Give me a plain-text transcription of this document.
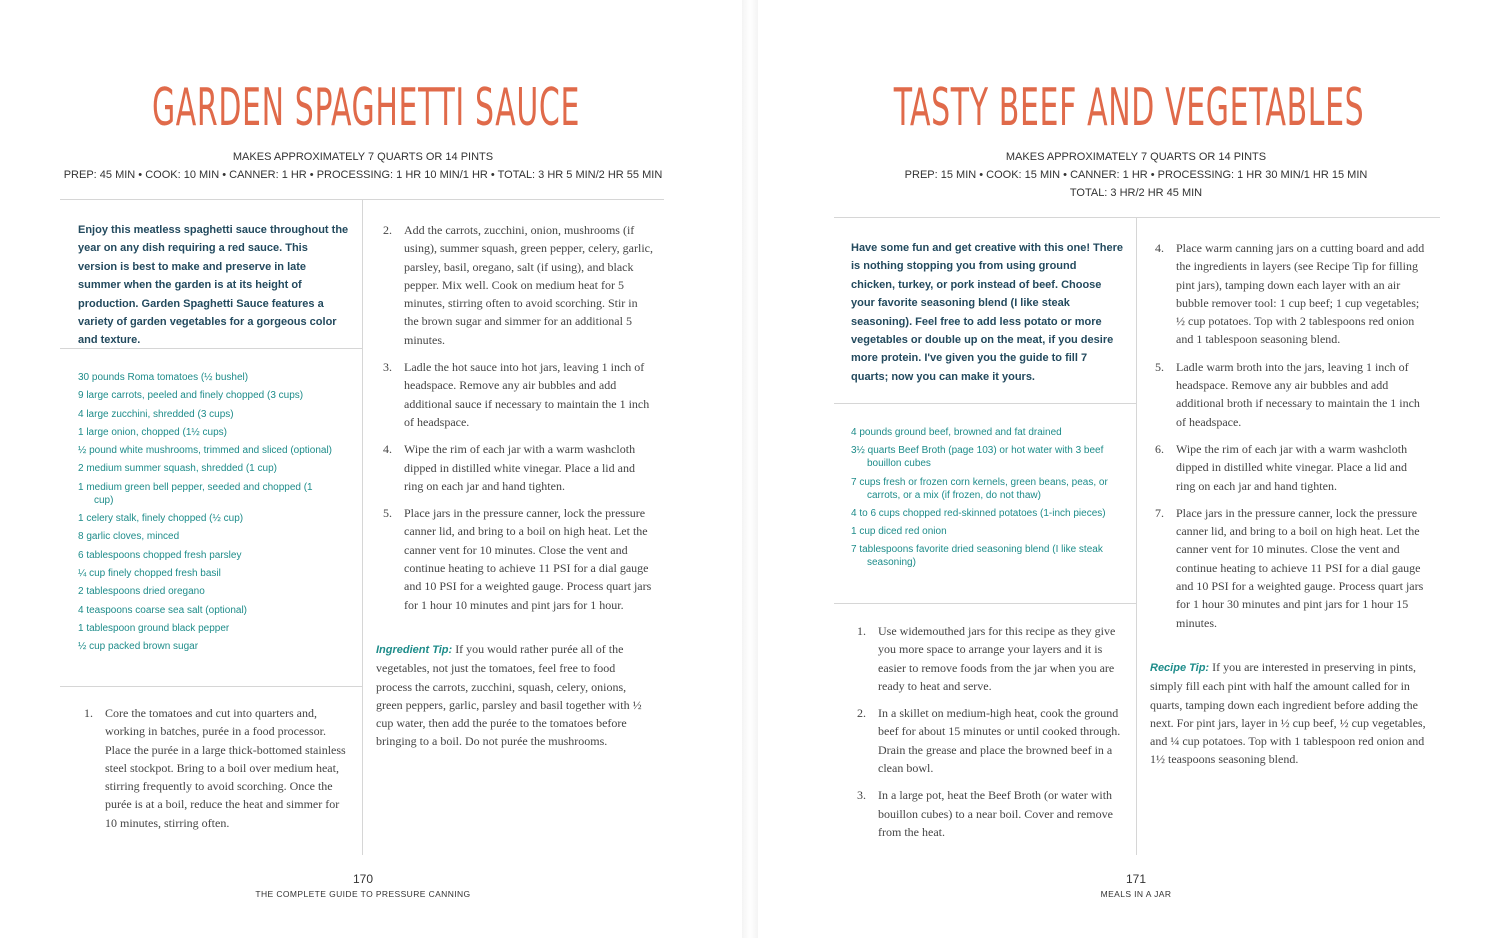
GARDEN SPAGHETTI SAUCE

MAKES APPROXIMATELY 7 QUARTS OR 14 PINTS

PREP: 45 MIN • COOK: 10 MIN • CANNER: 1 HR • PROCESSING: 1 HR 10 MIN/1 HR • TOTAL: 3 HR 5 MIN/2 HR 55 MIN

Enjoy this meatless spaghetti sauce throughout the year on any dish requiring a red sauce. This version is best to make and preserve in late summer when the garden is at its height of production. Garden Spaghetti Sauce features a variety of garden vegetables for a gorgeous color and texture.

30 pounds Roma tomatoes (½ bushel)
9 large carrots, peeled and finely chopped (3 cups)
4 large zucchini, shredded (3 cups)
1 large onion, chopped (1½ cups)
½ pound white mushrooms, trimmed and sliced (optional)
2 medium summer squash, shredded (1 cup)
1 medium green bell pepper, seeded and chopped (1 cup)
1 celery stalk, finely chopped (½ cup)
8 garlic cloves, minced
6 tablespoons chopped fresh parsley
¼ cup finely chopped fresh basil
2 tablespoons dried oregano
4 teaspoons coarse sea salt (optional)
1 tablespoon ground black pepper
½ cup packed brown sugar
1. Core the tomatoes and cut into quarters and, working in batches, purée in a food processor. Place the purée in a large thick-bottomed stainless steel stockpot. Bring to a boil over medium heat, stirring frequently to avoid scorching. Once the purée is at a boil, reduce the heat and simmer for 10 minutes, stirring often.
2. Add the carrots, zucchini, onion, mushrooms (if using), summer squash, green pepper, celery, garlic, parsley, basil, oregano, salt (if using), and black pepper. Mix well. Cook on medium heat for 5 minutes, stirring often to avoid scorching. Stir in the brown sugar and simmer for an additional 5 minutes.
3. Ladle the hot sauce into hot jars, leaving 1 inch of headspace. Remove any air bubbles and add additional sauce if necessary to maintain the 1 inch of headspace.
4. Wipe the rim of each jar with a warm washcloth dipped in distilled white vinegar. Place a lid and ring on each jar and hand tighten.
5. Place jars in the pressure canner, lock the pressure canner lid, and bring to a boil on high heat. Let the canner vent for 10 minutes. Close the vent and continue heating to achieve 11 PSI for a dial gauge and 10 PSI for a weighted gauge. Process quart jars for 1 hour 10 minutes and pint jars for 1 hour.

Ingredient Tip: If you would rather purée all of the vegetables, not just the tomatoes, feel free to food process the carrots, zucchini, squash, celery, onions, green peppers, garlic, parsley and basil together with ½ cup water, then add the purée to the tomatoes before bringing to a boil. Do not purée the mushrooms.

170
THE COMPLETE GUIDE TO PRESSURE CANNING
TASTY BEEF AND VEGETABLES

MAKES APPROXIMATELY 7 QUARTS OR 14 PINTS

PREP: 15 MIN • COOK: 15 MIN • CANNER: 1 HR • PROCESSING: 1 HR 30 MIN/1 HR 15 MIN

TOTAL: 3 HR/2 HR 45 MIN

Have some fun and get creative with this one! There is nothing stopping you from using ground chicken, turkey, or pork instead of beef. Choose your favorite seasoning blend (I like steak seasoning). Feel free to add less potato or more vegetables or double up on the meat, if you desire more protein. I've given you the guide to fill 7 quarts; now you can make it yours.

4 pounds ground beef, browned and fat drained
3½ quarts Beef Broth (page 103) or hot water with 3 beef bouillon cubes
7 cups fresh or frozen corn kernels, green beans, peas, or carrots, or a mix (if frozen, do not thaw)
4 to 6 cups chopped red-skinned potatoes (1-inch pieces)
1 cup diced red onion
7 tablespoons favorite dried seasoning blend (I like steak seasoning)
1. Use widemouthed jars for this recipe as they give you more space to arrange your layers and it is easier to remove foods from the jar when you are ready to heat and serve.
2. In a skillet on medium-high heat, cook the ground beef for about 15 minutes or until cooked through. Drain the grease and place the browned beef in a clean bowl.
3. In a large pot, heat the Beef Broth (or water with bouillon cubes) to a near boil. Cover and remove from the heat.
4. Place warm canning jars on a cutting board and add the ingredients in layers (see Recipe Tip for filling pint jars), tamping down each layer with an air bubble remover tool: 1 cup beef; 1 cup vegetables; ½ cup potatoes. Top with 2 tablespoons red onion and 1 tablespoon seasoning blend.
5. Ladle warm broth into the jars, leaving 1 inch of headspace. Remove any air bubbles and add additional broth if necessary to maintain the 1 inch of headspace.
6. Wipe the rim of each jar with a warm washcloth dipped in distilled white vinegar. Place a lid and ring on each jar and hand tighten.
7. Place jars in the pressure canner, lock the pressure canner lid, and bring to a boil on high heat. Let the canner vent for 10 minutes. Close the vent and continue heating to achieve 11 PSI for a dial gauge and 10 PSI for a weighted gauge. Process quart jars for 1 hour 30 minutes and pint jars for 1 hour 15 minutes.

Recipe Tip: If you are interested in preserving in pints, simply fill each pint with half the amount called for in quarts, tamping down each ingredient before adding the next. For pint jars, layer in ½ cup beef, ½ cup vegetables, and ¼ cup potatoes. Top with 1 tablespoon red onion and 1½ teaspoons seasoning blend.

171
MEALS IN A JAR
